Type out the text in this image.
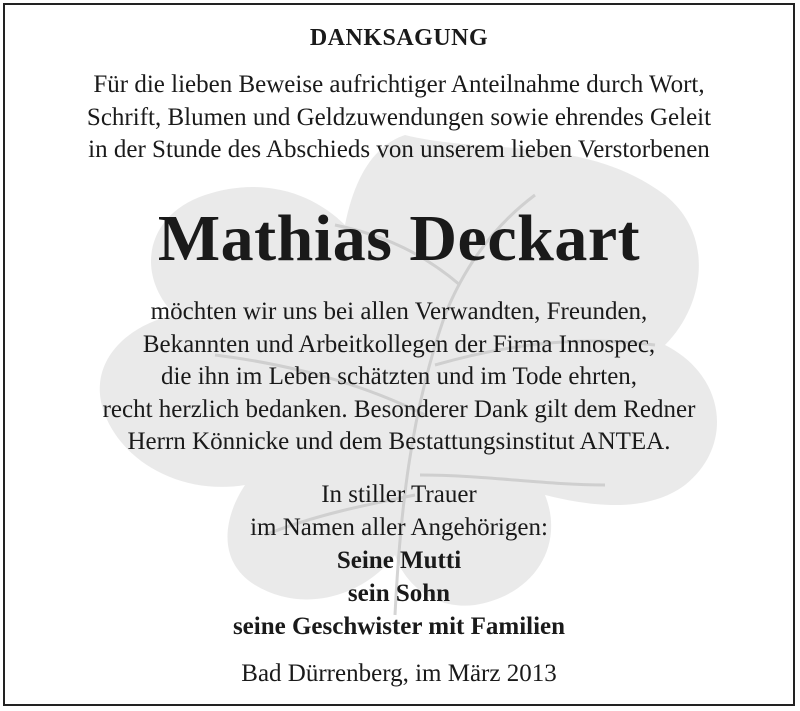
DANKSAGUNG
Für die lieben Beweise aufrichtiger Anteilnahme durch Wort,
Schrift, Blumen und Geldzuwendungen sowie ehrendes Geleit
in der Stunde des Abschieds von unserem lieben Verstorbenen
Mathias Deckart
möchten wir uns bei allen Verwandten, Freunden,
Bekannten und Arbeitkollegen der Firma Innospec,
die ihn im Leben schätzten und im Tode ehrten,
recht herzlich bedanken. Besonderer Dank gilt dem Redner
Herrn Könnicke und dem Bestattungsinstitut ANTEA.
In stiller Trauer
im Namen aller Angehörigen:
Seine Mutti
sein Sohn
seine Geschwister mit Familien
Bad Dürrenberg, im März 2013
